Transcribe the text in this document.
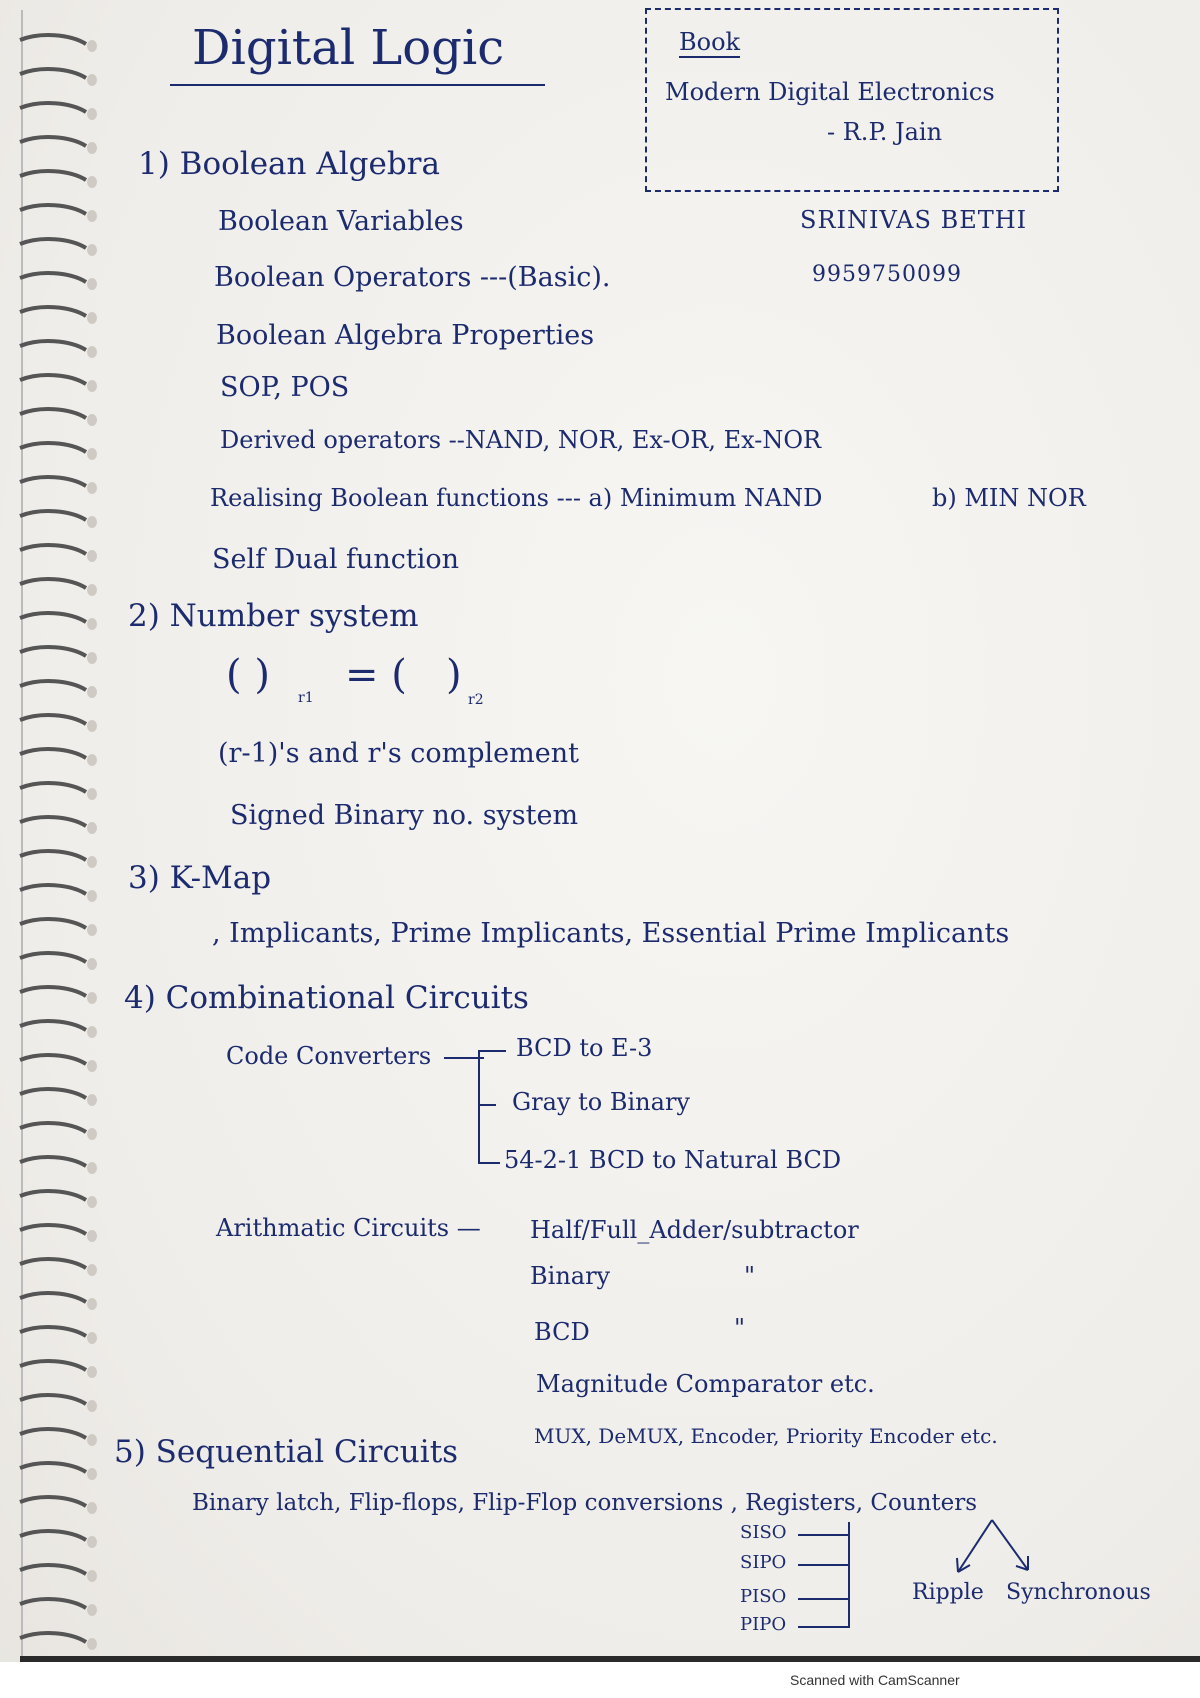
Digital Logic	Book
Modern Digital Electronics
- R.P. Jain
SRINIVAS BETHI
9959750099
1) Boolean Algebra
Boolean Variables
Boolean Operators ---(Basic).
Boolean Algebra Properties
SOP, POS
Derived operators --NAND, NOR, Ex-OR, Ex-NOR
Realising Boolean functions --- a) Minimum NAND	b) MIN NOR
Self Dual function
2) Number system
( ) r1 = ( )
r2
(r-1)'s and r's complement
Signed Binary no. system
3) K-Map
, Implicants, Prime Implicants, Essential Prime Implicants
4) Combinational Circuits
Code Converters	BCD to E-3
Gray to Binary
54-2-1 BCD to Natural BCD
Arithmatic Circuits — Half/Full_Adder/subtractor
Binary	"
BCD	"
Magnitude Comparator etc.
MUX, DeMUX, Encoder, Priority Encoder etc.
5) Sequential Circuits
Binary latch, Flip-flops, Flip-Flop conversions , Registers, Counters
SISO
SIPO
PISO
PIPO
Ripple Synchronous
Scanned with CamScanner
